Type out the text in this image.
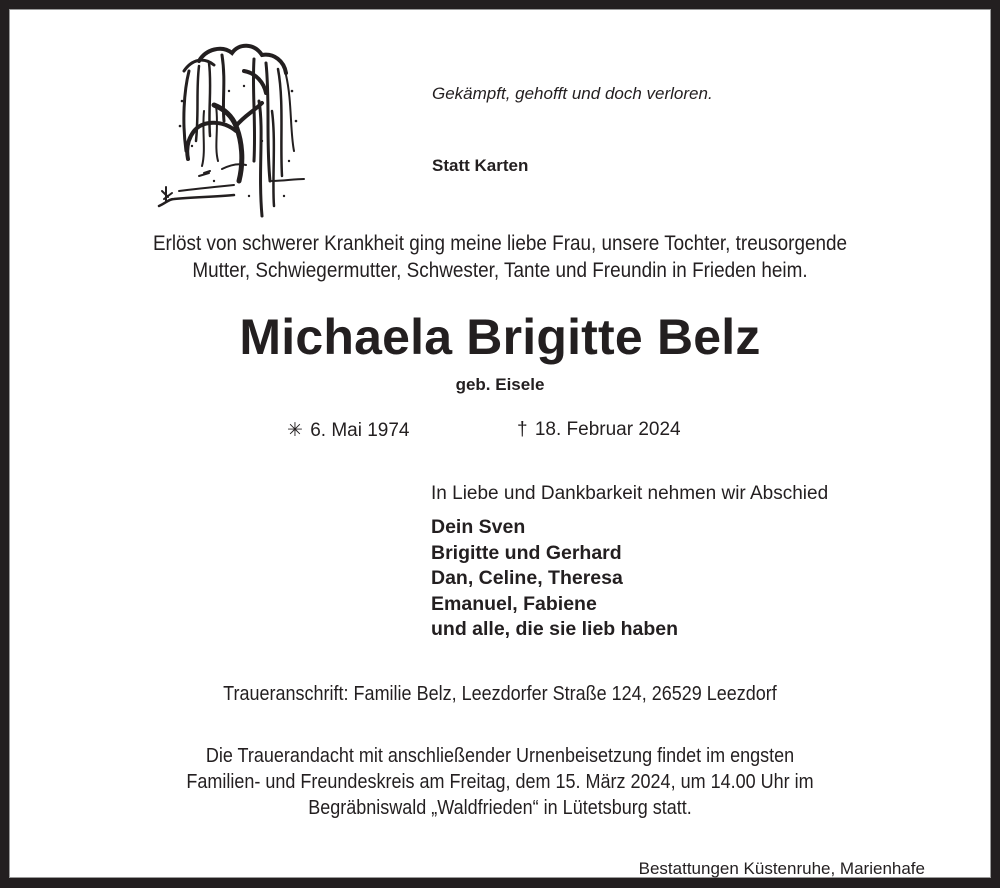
Gekämpft, gehofft und doch verloren.
Statt Karten
Erlöst von schwerer Krankheit ging meine liebe Frau, unsere Tochter, treusorgende
Mutter, Schwiegermutter, Schwester, Tante und Freundin in Frieden heim.
Michaela Brigitte Belz
geb. Eisele
✳ 6. Mai 1974	† 18. Februar 2024
In Liebe und Dankbarkeit nehmen wir Abschied
Dein Sven
Brigitte und Gerhard
Dan, Celine, Theresa
Emanuel, Fabiene
und alle, die sie lieb haben
Traueranschrift: Familie Belz, Leezdorfer Straße 124, 26529 Leezdorf
Die Trauerandacht mit anschließender Urnenbeisetzung findet im engsten
Familien- und Freundeskreis am Freitag, dem 15. März 2024, um 14.00 Uhr im
Begräbniswald „Waldfrieden“ in Lütetsburg statt.
Bestattungen Küstenruhe, Marienhafe
